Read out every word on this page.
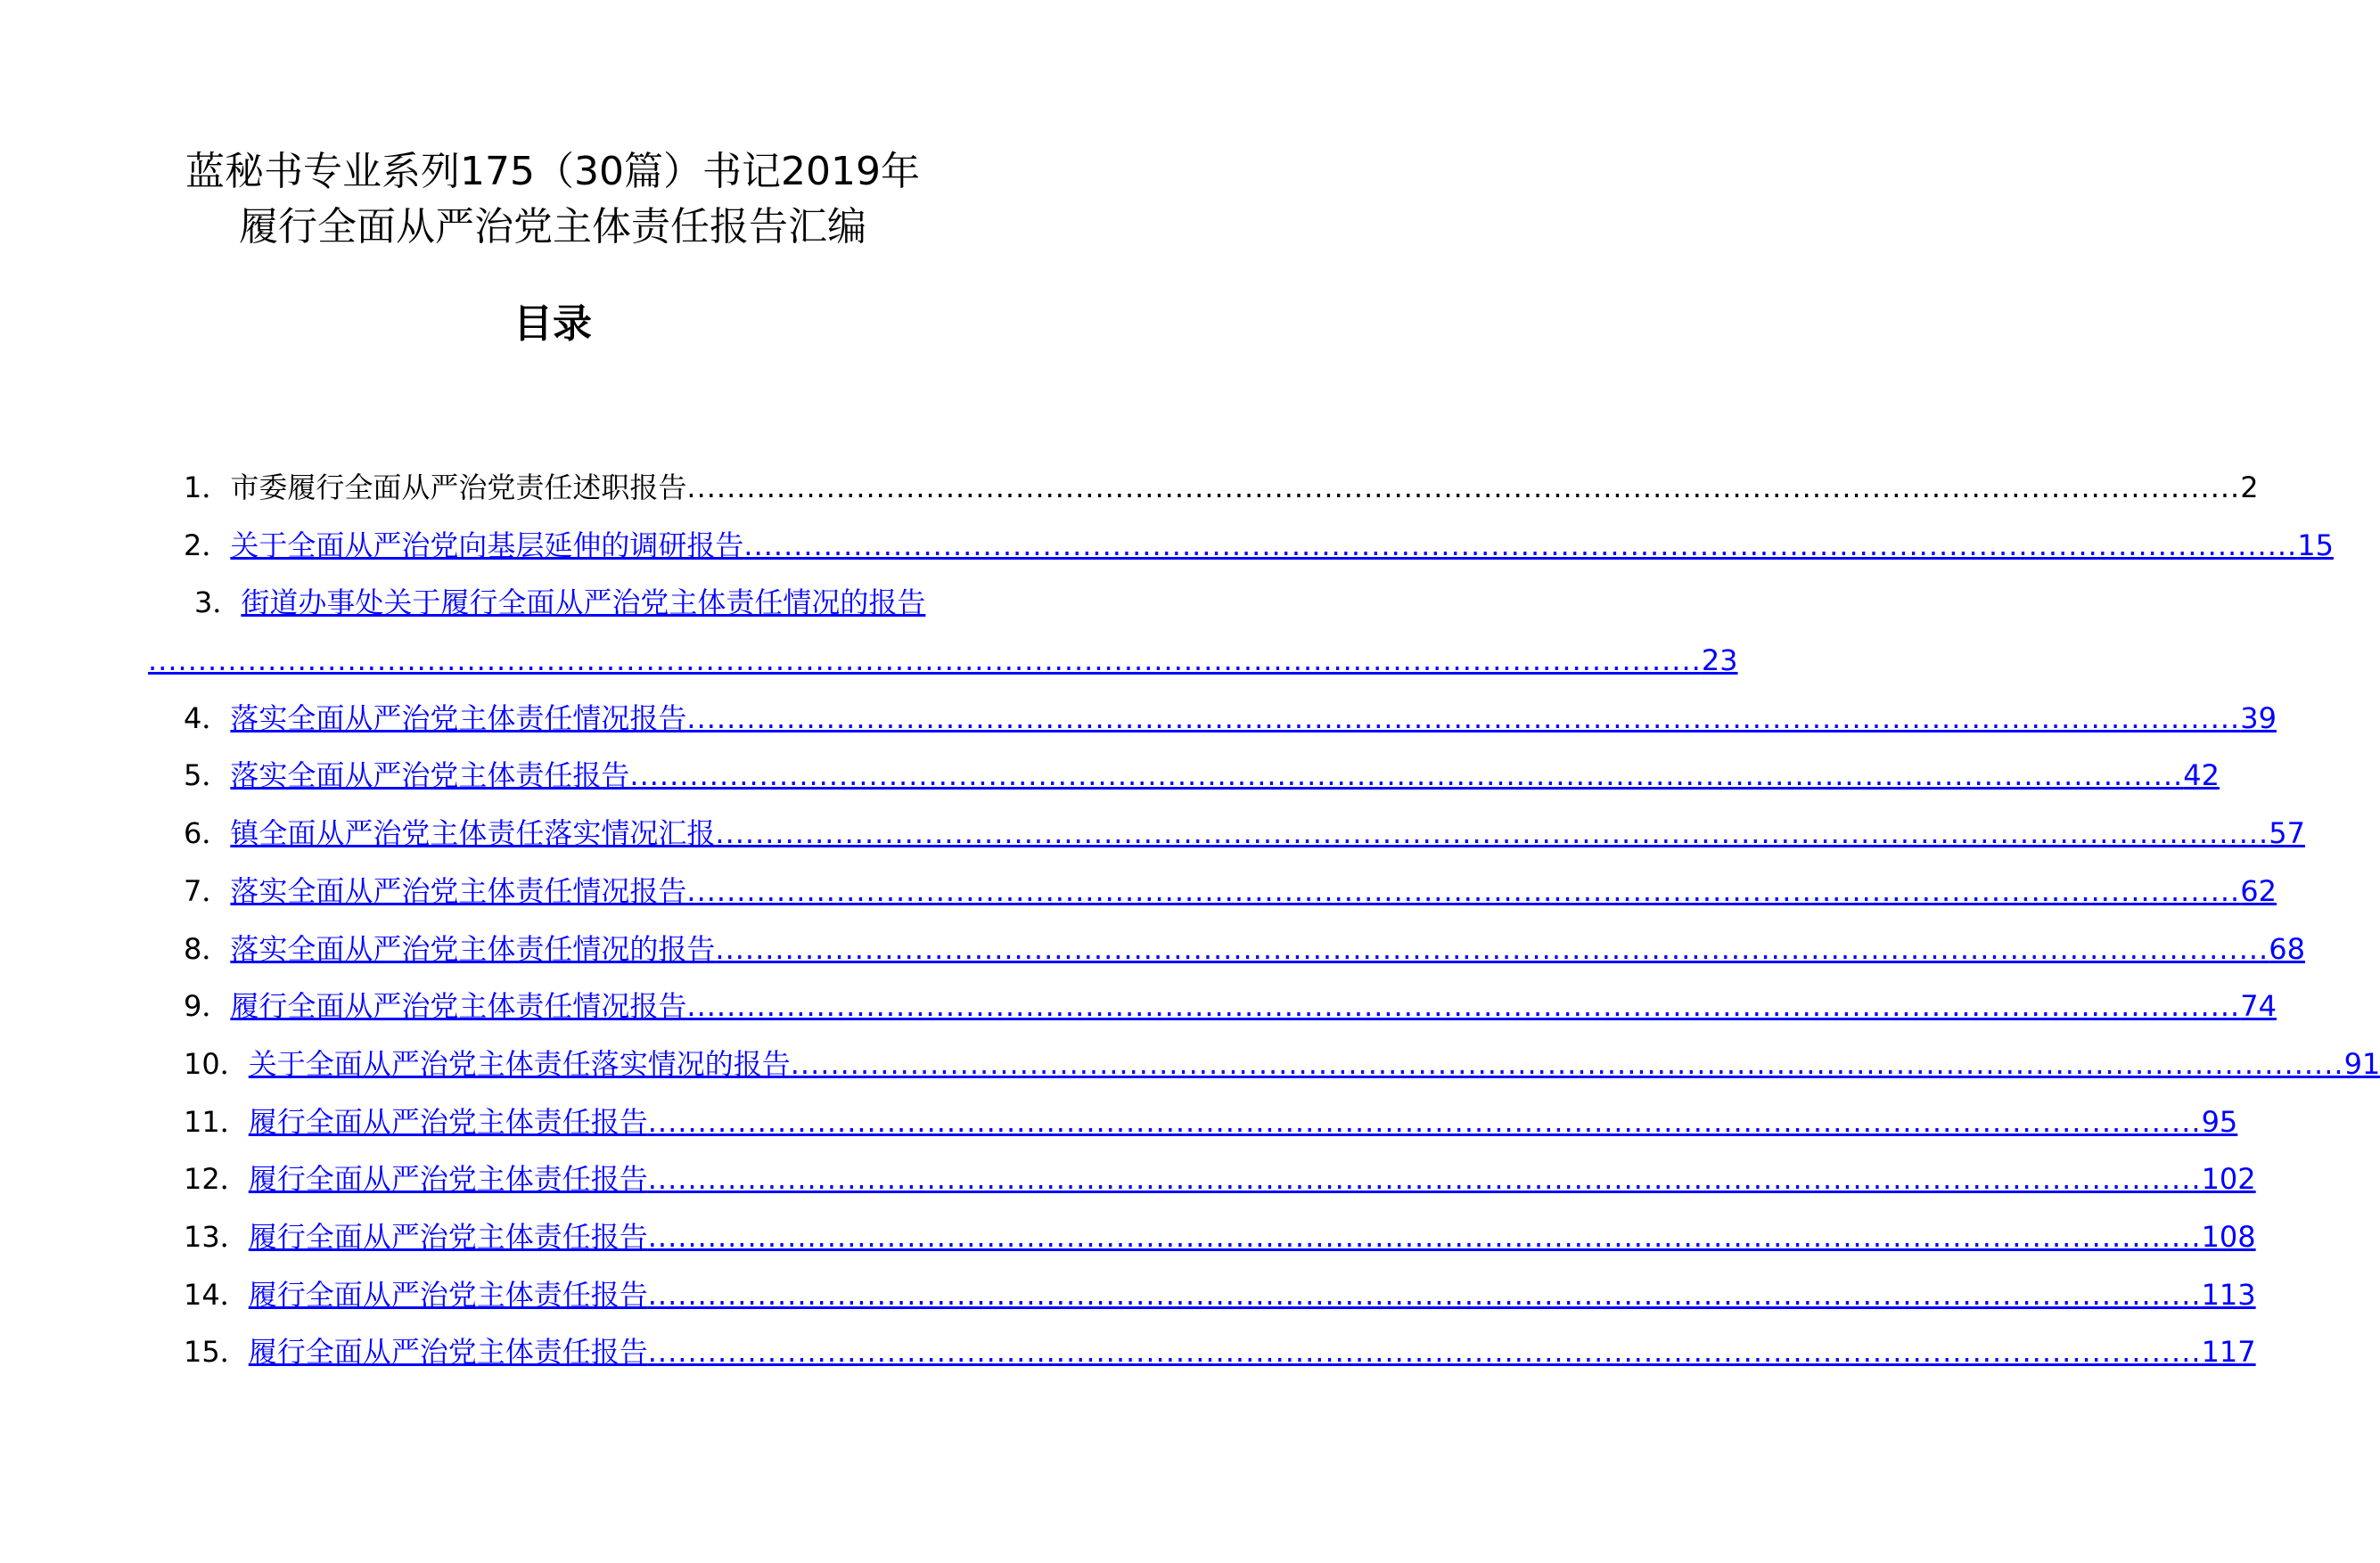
蓝秘书专业系列175（30篇）书记2019年
履行全面从严治党主体责任报告汇编
目录
1 ． 市委履行全面从严治党责任述职报告 ............................................................................................................................................................ 2
2 ． 关于全面从严治党向基层延伸的调研报告 ............................................................................................................................................................ 15
3 ． 街道办事处关于履行全面从严治党主体责任情况的报告
............................................................................................................................................................ 23
4 ． 落实全面从严治党主体责任情况报告 ............................................................................................................................................................ 39
5 ． 落实全面从严治党主体责任报告 ............................................................................................................................................................ 42
6 ． 镇全面从严治党主体责任落实情况汇报 ............................................................................................................................................................ 57
7 ． 落实全面从严治党主体责任情况报告 ............................................................................................................................................................ 62
8 ． 落实全面从严治党主体责任情况的报告 ............................................................................................................................................................ 68
9 ． 履行全面从严治党主体责任情况报告 ............................................................................................................................................................ 74
10 ． 关于全面从严治党主体责任落实情况的报告 ............................................................................................................................................................ 91
11 ． 履行全面从严治党主体责任报告 ............................................................................................................................................................ 95
12 ． 履行全面从严治党主体责任报告 ............................................................................................................................................................ 102
13 ． 履行全面从严治党主体责任报告 ............................................................................................................................................................ 108
14 ． 履行全面从严治党主体责任报告 ............................................................................................................................................................ 113
15 ． 履行全面从严治党主体责任报告 ............................................................................................................................................................ 117
